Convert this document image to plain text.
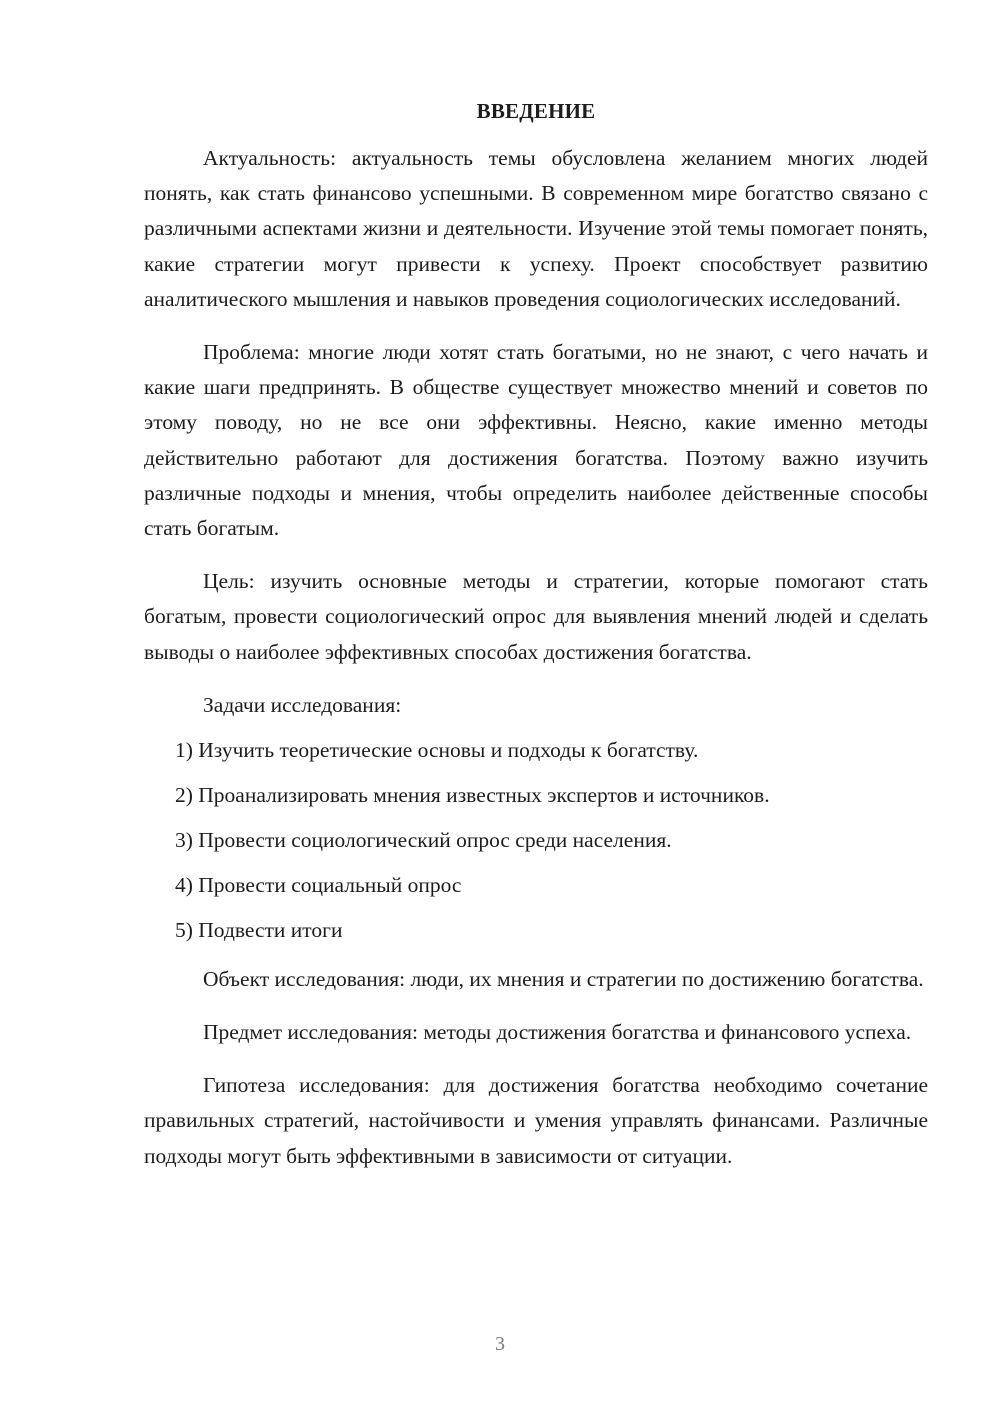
ВВЕДЕНИЕ

Актуальность: актуальность темы обусловлена желанием многих людей понять, как стать финансово успешными. В современном мире богатство связано с различными аспектами жизни и деятельности. Изучение этой темы помогает понять, какие стратегии могут привести к успеху. Проект способствует развитию аналитического мышления и навыков проведения социологических исследований.

Проблема: многие люди хотят стать богатыми, но не знают, с чего начать и какие шаги предпринять. В обществе существует множество мнений и советов по этому поводу, но не все они эффективны. Неясно, какие именно методы действительно работают для достижения богатства. Поэтому важно изучить различные подходы и мнения, чтобы определить наиболее действенные способы стать богатым.

Цель: изучить основные методы и стратегии, которые помогают стать богатым, провести социологический опрос для выявления мнений людей и сделать выводы о наиболее эффективных способах достижения богатства.

Задачи исследования:
1) Изучить теоретические основы и подходы к богатству.
2) Проанализировать мнения известных экспертов и источников.
3) Провести социологический опрос среди населения.
4) Провести социальный опрос
5) Подвести итоги

Объект исследования: люди, их мнения и стратегии по достижению богатства.

Предмет исследования: методы достижения богатства и финансового успеха.

Гипотеза исследования: для достижения богатства необходимо сочетание правильных стратегий, настойчивости и умения управлять финансами. Различные подходы могут быть эффективными в зависимости от ситуации.

3
